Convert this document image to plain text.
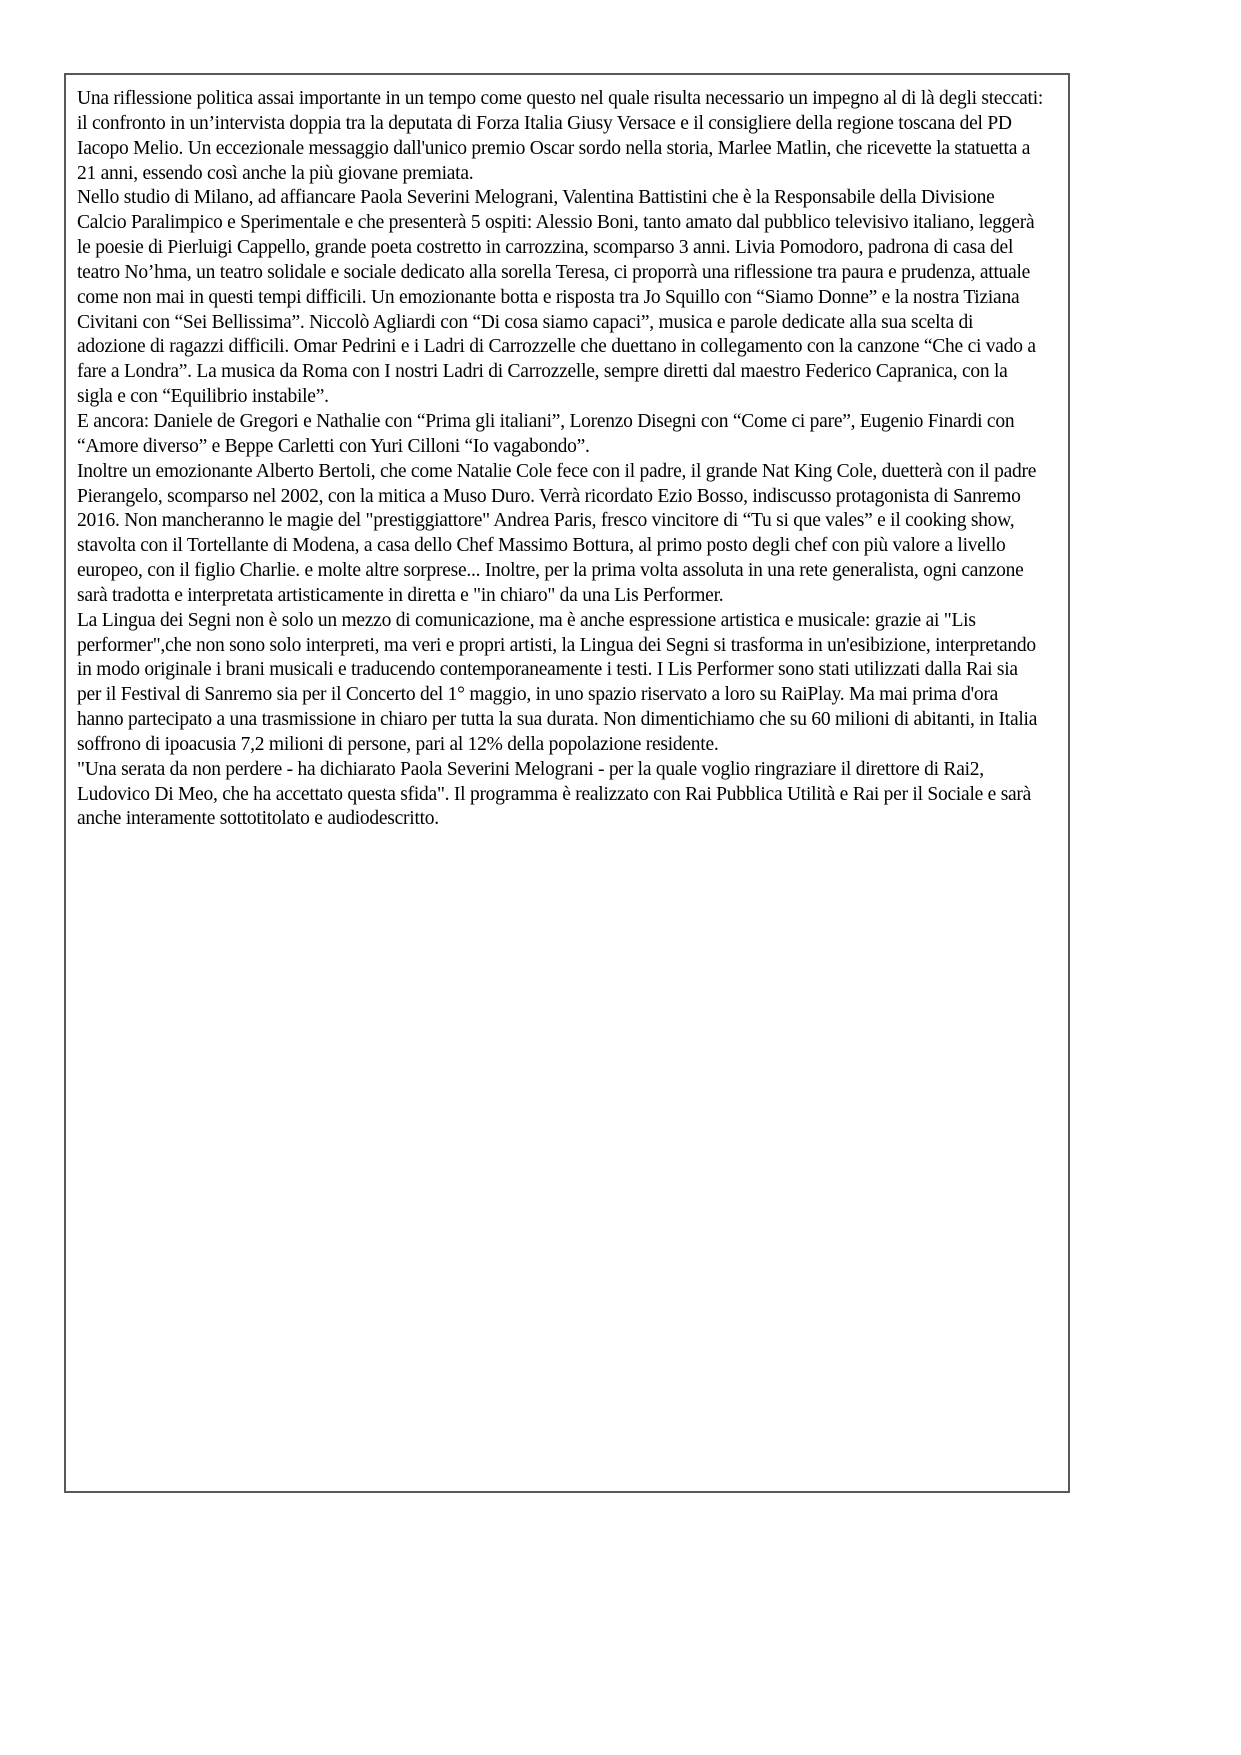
Una riflessione politica assai importante in un tempo come questo nel quale risulta necessario un impegno al di là degli steccati: il confronto in un’intervista doppia tra la deputata di Forza Italia Giusy Versace e il consigliere della regione toscana del PD Iacopo Melio. Un eccezionale messaggio dall'unico premio Oscar sordo nella storia, Marlee Matlin, che ricevette la statuetta a 21 anni, essendo così anche la più giovane premiata.

Nello studio di Milano, ad affiancare Paola Severini Melograni, Valentina Battistini che è la Responsabile della Divisione Calcio Paralimpico e Sperimentale e che presenterà 5 ospiti: Alessio Boni, tanto amato dal pubblico televisivo italiano, leggerà le poesie di Pierluigi Cappello, grande poeta costretto in carrozzina, scomparso 3 anni. Livia Pomodoro, padrona di casa del teatro No’hma, un teatro solidale e sociale dedicato alla sorella Teresa, ci proporrà una riflessione tra paura e prudenza, attuale come non mai in questi tempi difficili. Un emozionante botta e risposta tra Jo Squillo con “Siamo Donne” e la nostra Tiziana Civitani con “Sei Bellissima”. Niccolò Agliardi con “Di cosa siamo capaci”, musica e parole dedicate alla sua scelta di adozione di ragazzi difficili. Omar Pedrini e i Ladri di Carrozzelle che duettano in collegamento con la canzone “Che ci vado a fare a Londra”. La musica da Roma con I nostri Ladri di Carrozzelle, sempre diretti dal maestro Federico Capranica, con la sigla e con “Equilibrio instabile”.

E ancora: Daniele de Gregori e Nathalie con “Prima gli italiani”, Lorenzo Disegni con “Come ci pare”, Eugenio Finardi con “Amore diverso” e Beppe Carletti con Yuri Cilloni “Io vagabondo”.

Inoltre un emozionante Alberto Bertoli, che come Natalie Cole fece con il padre, il grande Nat King Cole, duetterà con il padre Pierangelo, scomparso nel 2002, con la mitica a Muso Duro. Verrà ricordato Ezio Bosso, indiscusso protagonista di Sanremo 2016. Non mancheranno le magie del "prestiggiattore" Andrea Paris, fresco vincitore di “Tu si que vales” e il cooking show, stavolta con il Tortellante di Modena, a casa dello Chef Massimo Bottura, al primo posto degli chef con più valore a livello europeo, con il figlio Charlie. e molte altre sorprese... Inoltre, per la prima volta assoluta in una rete generalista, ogni canzone sarà tradotta e interpretata artisticamente in diretta e "in chiaro" da una Lis Performer.

La Lingua dei Segni non è solo un mezzo di comunicazione, ma è anche espressione artistica e musicale: grazie ai "Lis performer",che non sono solo interpreti, ma veri e propri artisti, la Lingua dei Segni si trasforma in un'esibizione, interpretando in modo originale i brani musicali e traducendo contemporaneamente i testi. I Lis Performer sono stati utilizzati dalla Rai sia per il Festival di Sanremo sia per il Concerto del 1° maggio, in uno spazio riservato a loro su RaiPlay. Ma mai prima d'ora hanno partecipato a una trasmissione in chiaro per tutta la sua durata. Non dimentichiamo che su 60 milioni di abitanti, in Italia soffrono di ipoacusia 7,2 milioni di persone, pari al 12% della popolazione residente.

"Una serata da non perdere - ha dichiarato Paola Severini Melograni - per la quale voglio ringraziare il direttore di Rai2, Ludovico Di Meo, che ha accettato questa sfida". Il programma è realizzato con Rai Pubblica Utilità e Rai per il Sociale e sarà anche interamente sottotitolato e audiodescritto.
